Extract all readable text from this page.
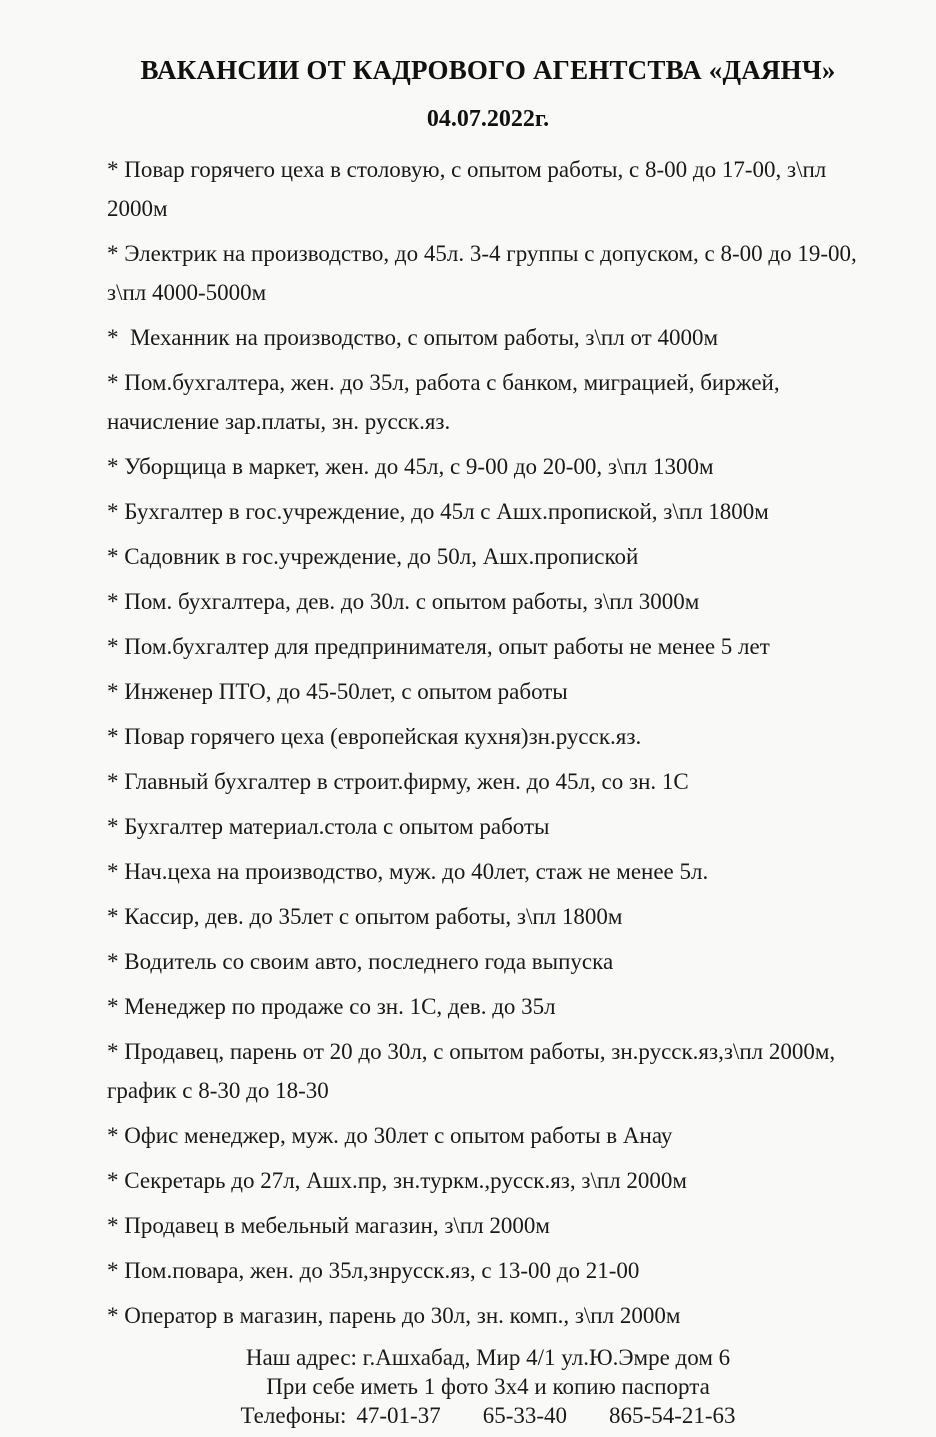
ВАКАНСИИ ОТ КАДРОВОГО АГЕНТСТВА «ДАЯНЧ»
04.07.2022г.

* Повар горячего цеха в столовую, с опытом работы, с 8-00 до 17-00, з\пл 2000м

* Электрик на производство, до 45л. 3-4 группы с допуском, с 8-00 до 19-00, з\пл 4000-5000м

*  Механник на производство, с опытом работы, з\пл от 4000м

* Пом.бухгалтера, жен. до 35л, работа с банком, миграцией, биржей, начисление зар.платы, зн. русск.яз.

* Уборщица в маркет, жен. до 45л, с 9-00 до 20-00, з\пл 1300м

* Бухгалтер в гос.учреждение, до 45л с Ашх.пропиской, з\пл 1800м

* Садовник в гос.учреждение, до 50л, Ашх.пропиской

* Пом. бухгалтера, дев. до 30л. с опытом работы, з\пл 3000м

* Пом.бухгалтер для предпринимателя, опыт работы не менее 5 лет

* Инженер ПТО, до 45-50лет, с опытом работы

* Повар горячего цеха (европейская кухня)зн.русск.яз.

* Главный бухгалтер в строит.фирму, жен. до 45л, со зн. 1С

* Бухгалтер материал.стола с опытом работы

* Нач.цеха на производство, муж. до 40лет, стаж не менее 5л.

* Кассир, дев. до 35лет с опытом работы, з\пл 1800м

* Водитель со своим авто, последнего года выпуска

* Менеджер по продаже со зн. 1С, дев. до 35л

* Продавец, парень от 20 до 30л, с опытом работы, зн.русск.яз,з\пл 2000м, график с 8-30 до 18-30

* Офис менеджер, муж. до 30лет с опытом работы в Анау

* Секретарь до 27л, Ашх.пр, зн.туркм.,русск.яз, з\пл 2000м

* Продавец в мебельный магазин, з\пл 2000м

* Пом.повара, жен. до 35л,знрусск.яз, с 13-00 до 21-00

* Оператор в магазин, парень до 30л, зн. комп., з\пл 2000м

Наш адрес: г.Ашхабад, Мир 4/1 ул.Ю.Эмре дом 6

При себе иметь 1 фото 3х4 и копию паспорта

Телефоны: 47-01-37 65-33-40 865-54-21-63
